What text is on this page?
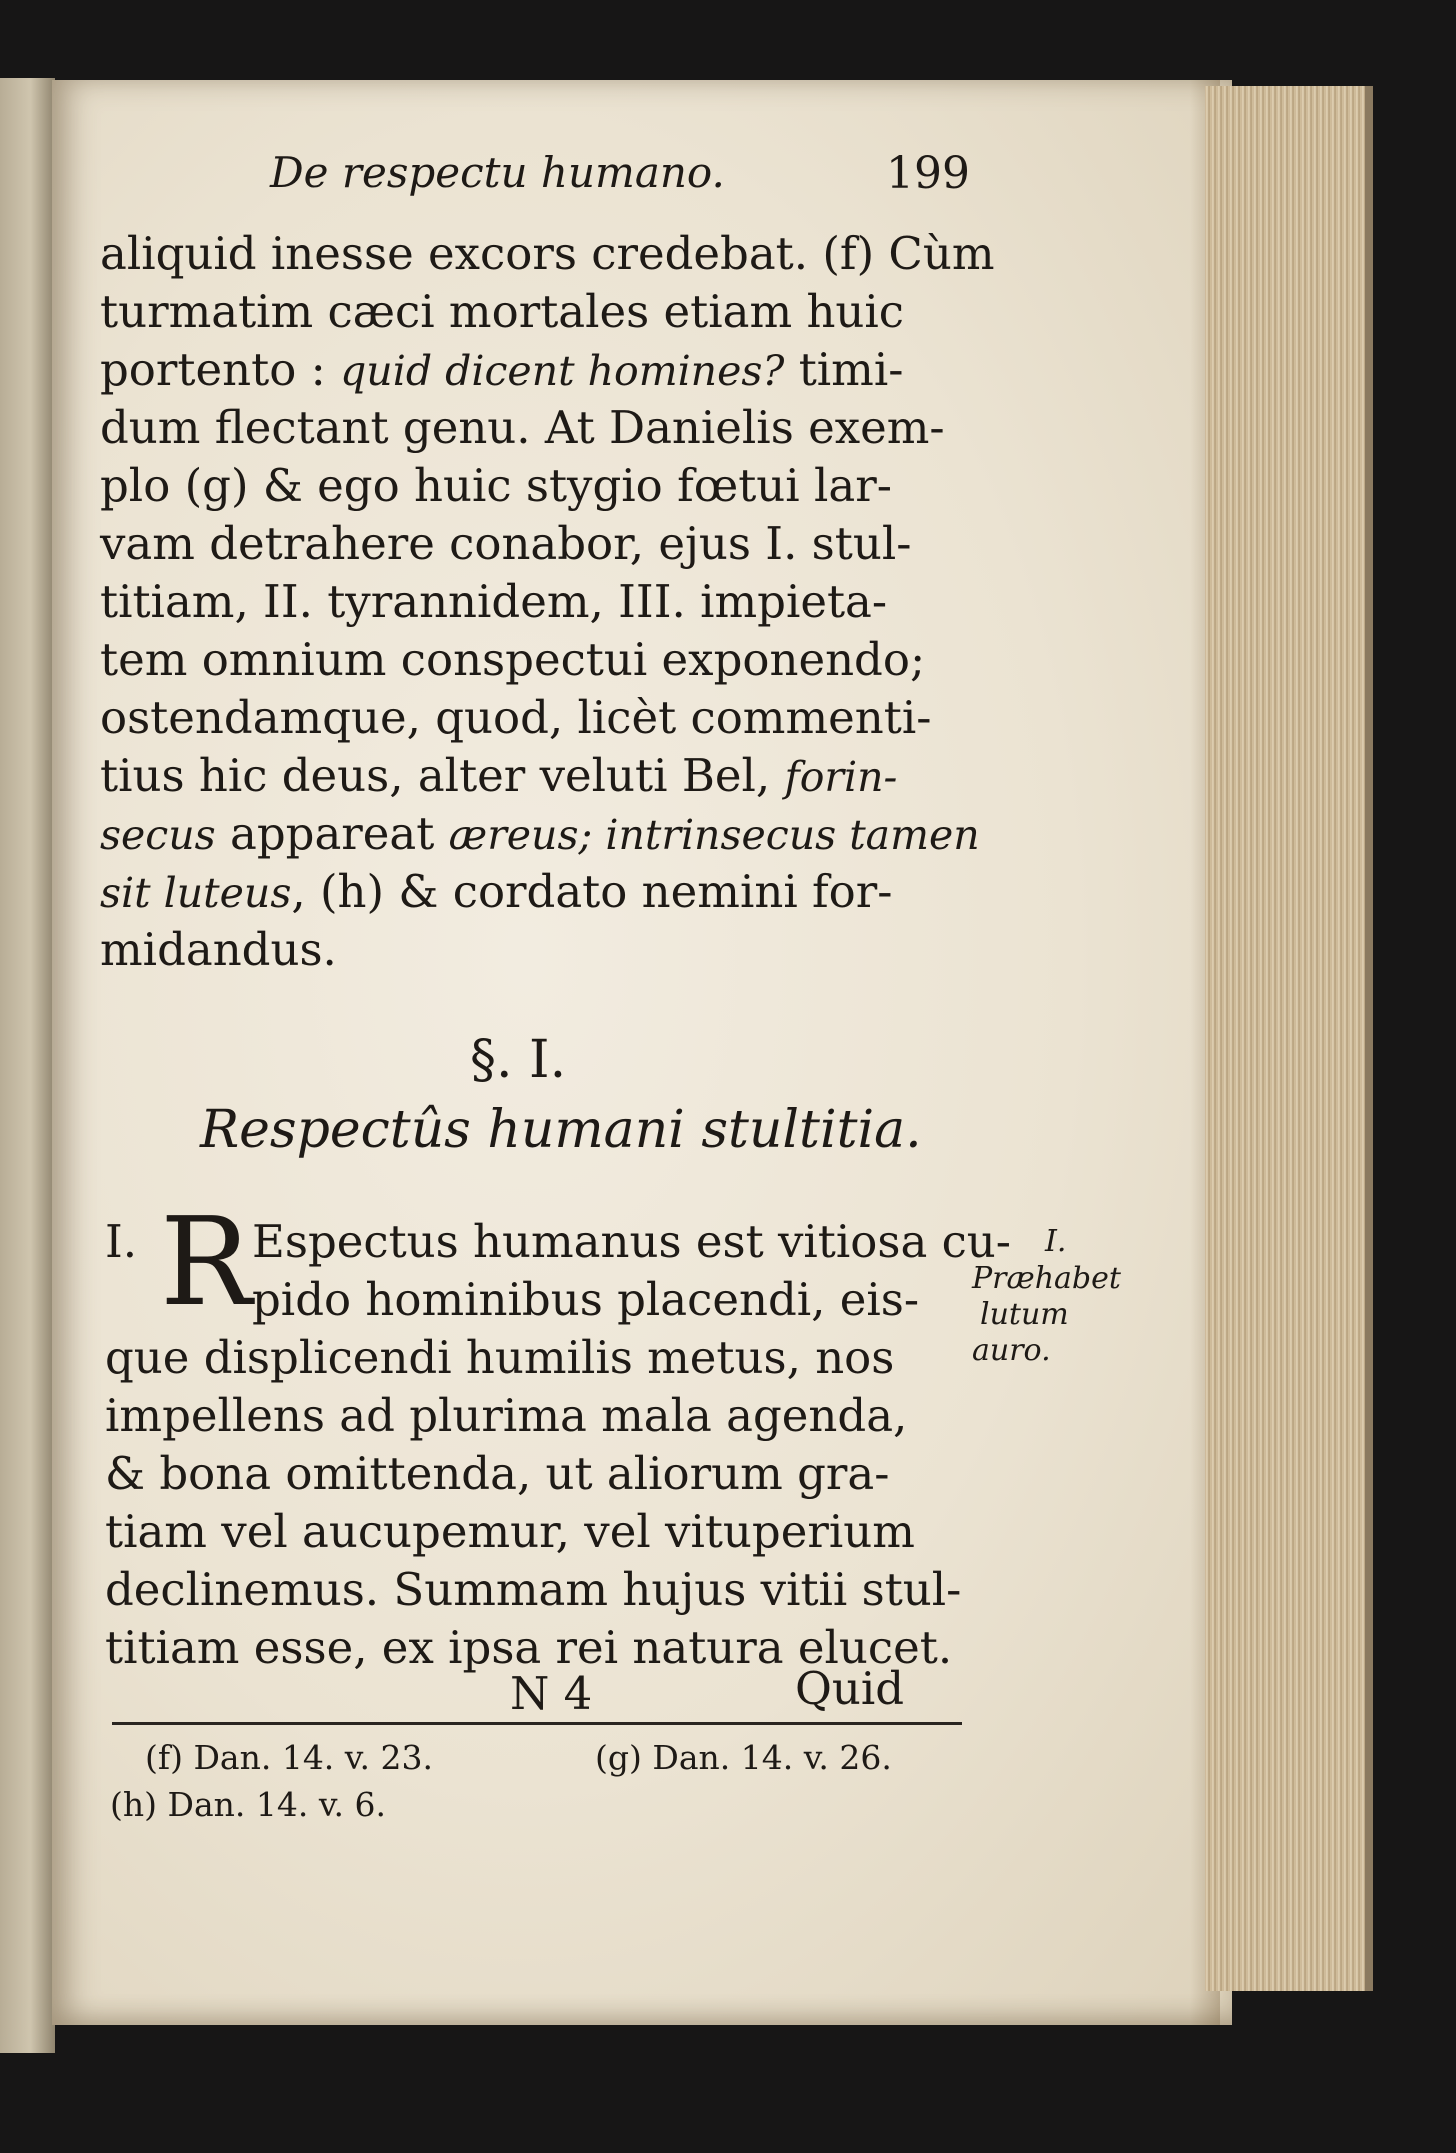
De respectu humano.	199
aliquid inesse excors credebat. (f) Cùm
turmatim cæci mortales etiam huic
portento : quid dicent homines? timi-
dum flectant genu. At Danielis exem-
plo (g) & ego huic stygio fœtui lar-
vam detrahere conabor, ejus I. stul-
titiam, II. tyrannidem, III. impieta-
tem omnium conspectui exponendo;
ostendamque, quod, licèt commenti-
tius hic deus, alter veluti Bel, forin-
secus appareat æreus; intrinsecus tamen
sit luteus, (h) & cordato nemini for-
midandus.
§. I.
Respectûs humani stultitia.
I. R Espectus humanus est vitiosa cu-
pido hominibus placendi, eis-
que displicendi humilis metus, nos
impellens ad plurima mala agenda,
& bona omittenda, ut aliorum gra-
tiam vel aucupemur, vel vituperium
declinemus. Summam hujus vitii stul-
titiam esse, ex ipsa rei natura elucet.
I.
Præhabet
lutum
auro.
N 4	Quid
(f) Dan. 14. v. 23.	(g) Dan. 14. v. 26.
(h) Dan. 14. v. 6.
